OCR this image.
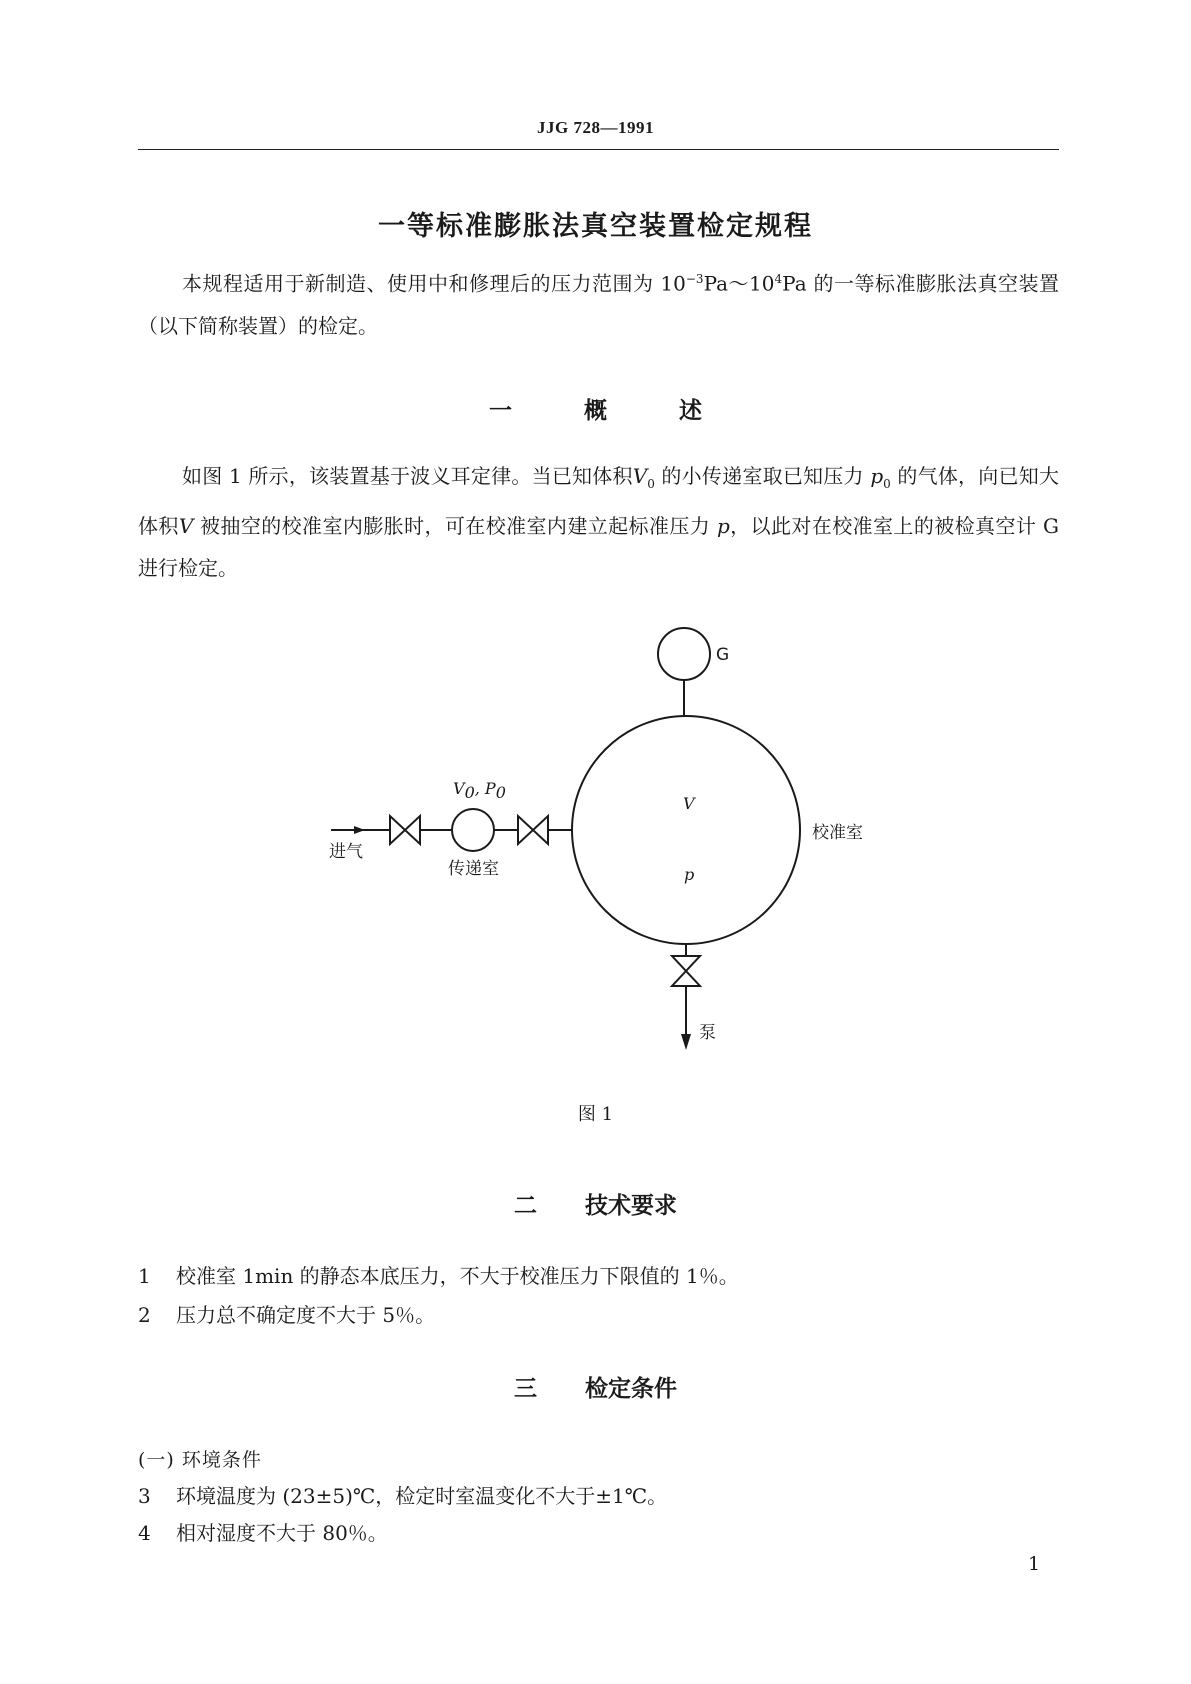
JJG 728—1991
一等标准膨胀法真空装置检定规程
本规程适用于新制造、使用中和修理后的压力范围为 $10^{-3}Pa\sim 10^4Pa$ 的一等标准膨胀法真空装置（以下简称装置）的检定。
一	概	述
如图 1 所示，该装置基于波义耳定律。当已知体积$V_0$ 的小传递室取已知压力 $p_0$ 的气体，向已知大体积V 被抽空的校准室内膨胀时，可在校准室内建立起标准压力 p，以此对在校准室上的被检真空计 G 进行检定。
G
进气
V0, P0
传递室
V
p
校准室
泵
图 1
二 技术要求
1 校准室 1min 的静态本底压力，不大于校准压力下限值的 1％。
2 压力总不确定度不大于 5％。
三 检定条件
(一) 环境条件
3 环境温度为 (23±5)℃，检定时室温变化不大于±1℃。
4 相对湿度不大于 80％。
1
